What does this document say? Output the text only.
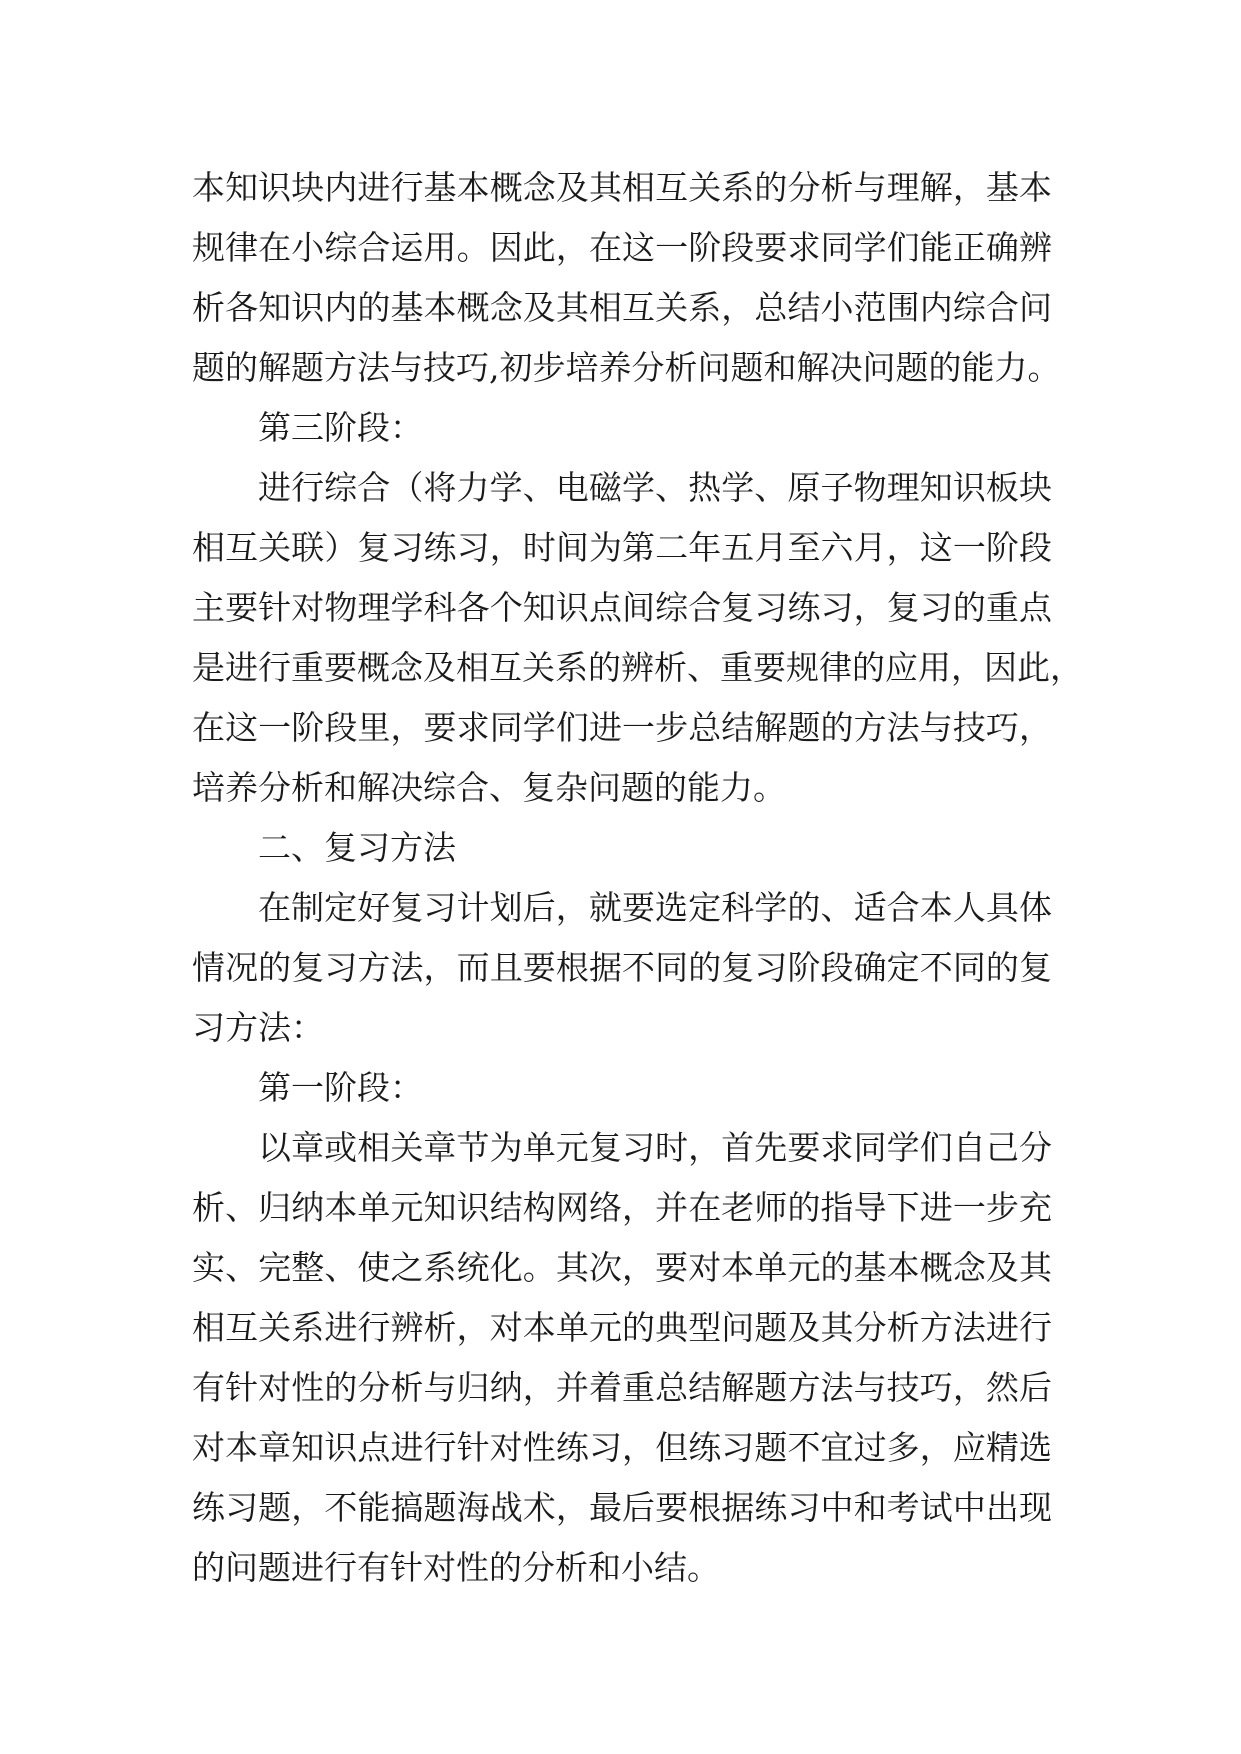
本知识块内进行基本概念及其相互关系的分析与理解，基本
规律在小综合运用。因此，在这一阶段要求同学们能正确辨
析各知识内的基本概念及其相互关系，总结小范围内综合问
题的解题方法与技巧,初步培养分析问题和解决问题的能力。
第三阶段：
进行综合（将力学、电磁学、热学、原子物理知识板块
相互关联）复习练习，时间为第二年五月至六月，这一阶段
主要针对物理学科各个知识点间综合复习练习，复习的重点
是进行重要概念及相互关系的辨析、重要规律的应用，因此，
在这一阶段里，要求同学们进一步总结解题的方法与技巧，
培养分析和解决综合、复杂问题的能力。
二、复习方法
在制定好复习计划后，就要选定科学的、适合本人具体
情况的复习方法，而且要根据不同的复习阶段确定不同的复
习方法：
第一阶段：
以章或相关章节为单元复习时，首先要求同学们自己分
析、归纳本单元知识结构网络，并在老师的指导下进一步充
实、完整、使之系统化。其次，要对本单元的基本概念及其
相互关系进行辨析，对本单元的典型问题及其分析方法进行
有针对性的分析与归纳，并着重总结解题方法与技巧，然后
对本章知识点进行针对性练习，但练习题不宜过多，应精选
练习题，不能搞题海战术，最后要根据练习中和考试中出现
的问题进行有针对性的分析和小结。
